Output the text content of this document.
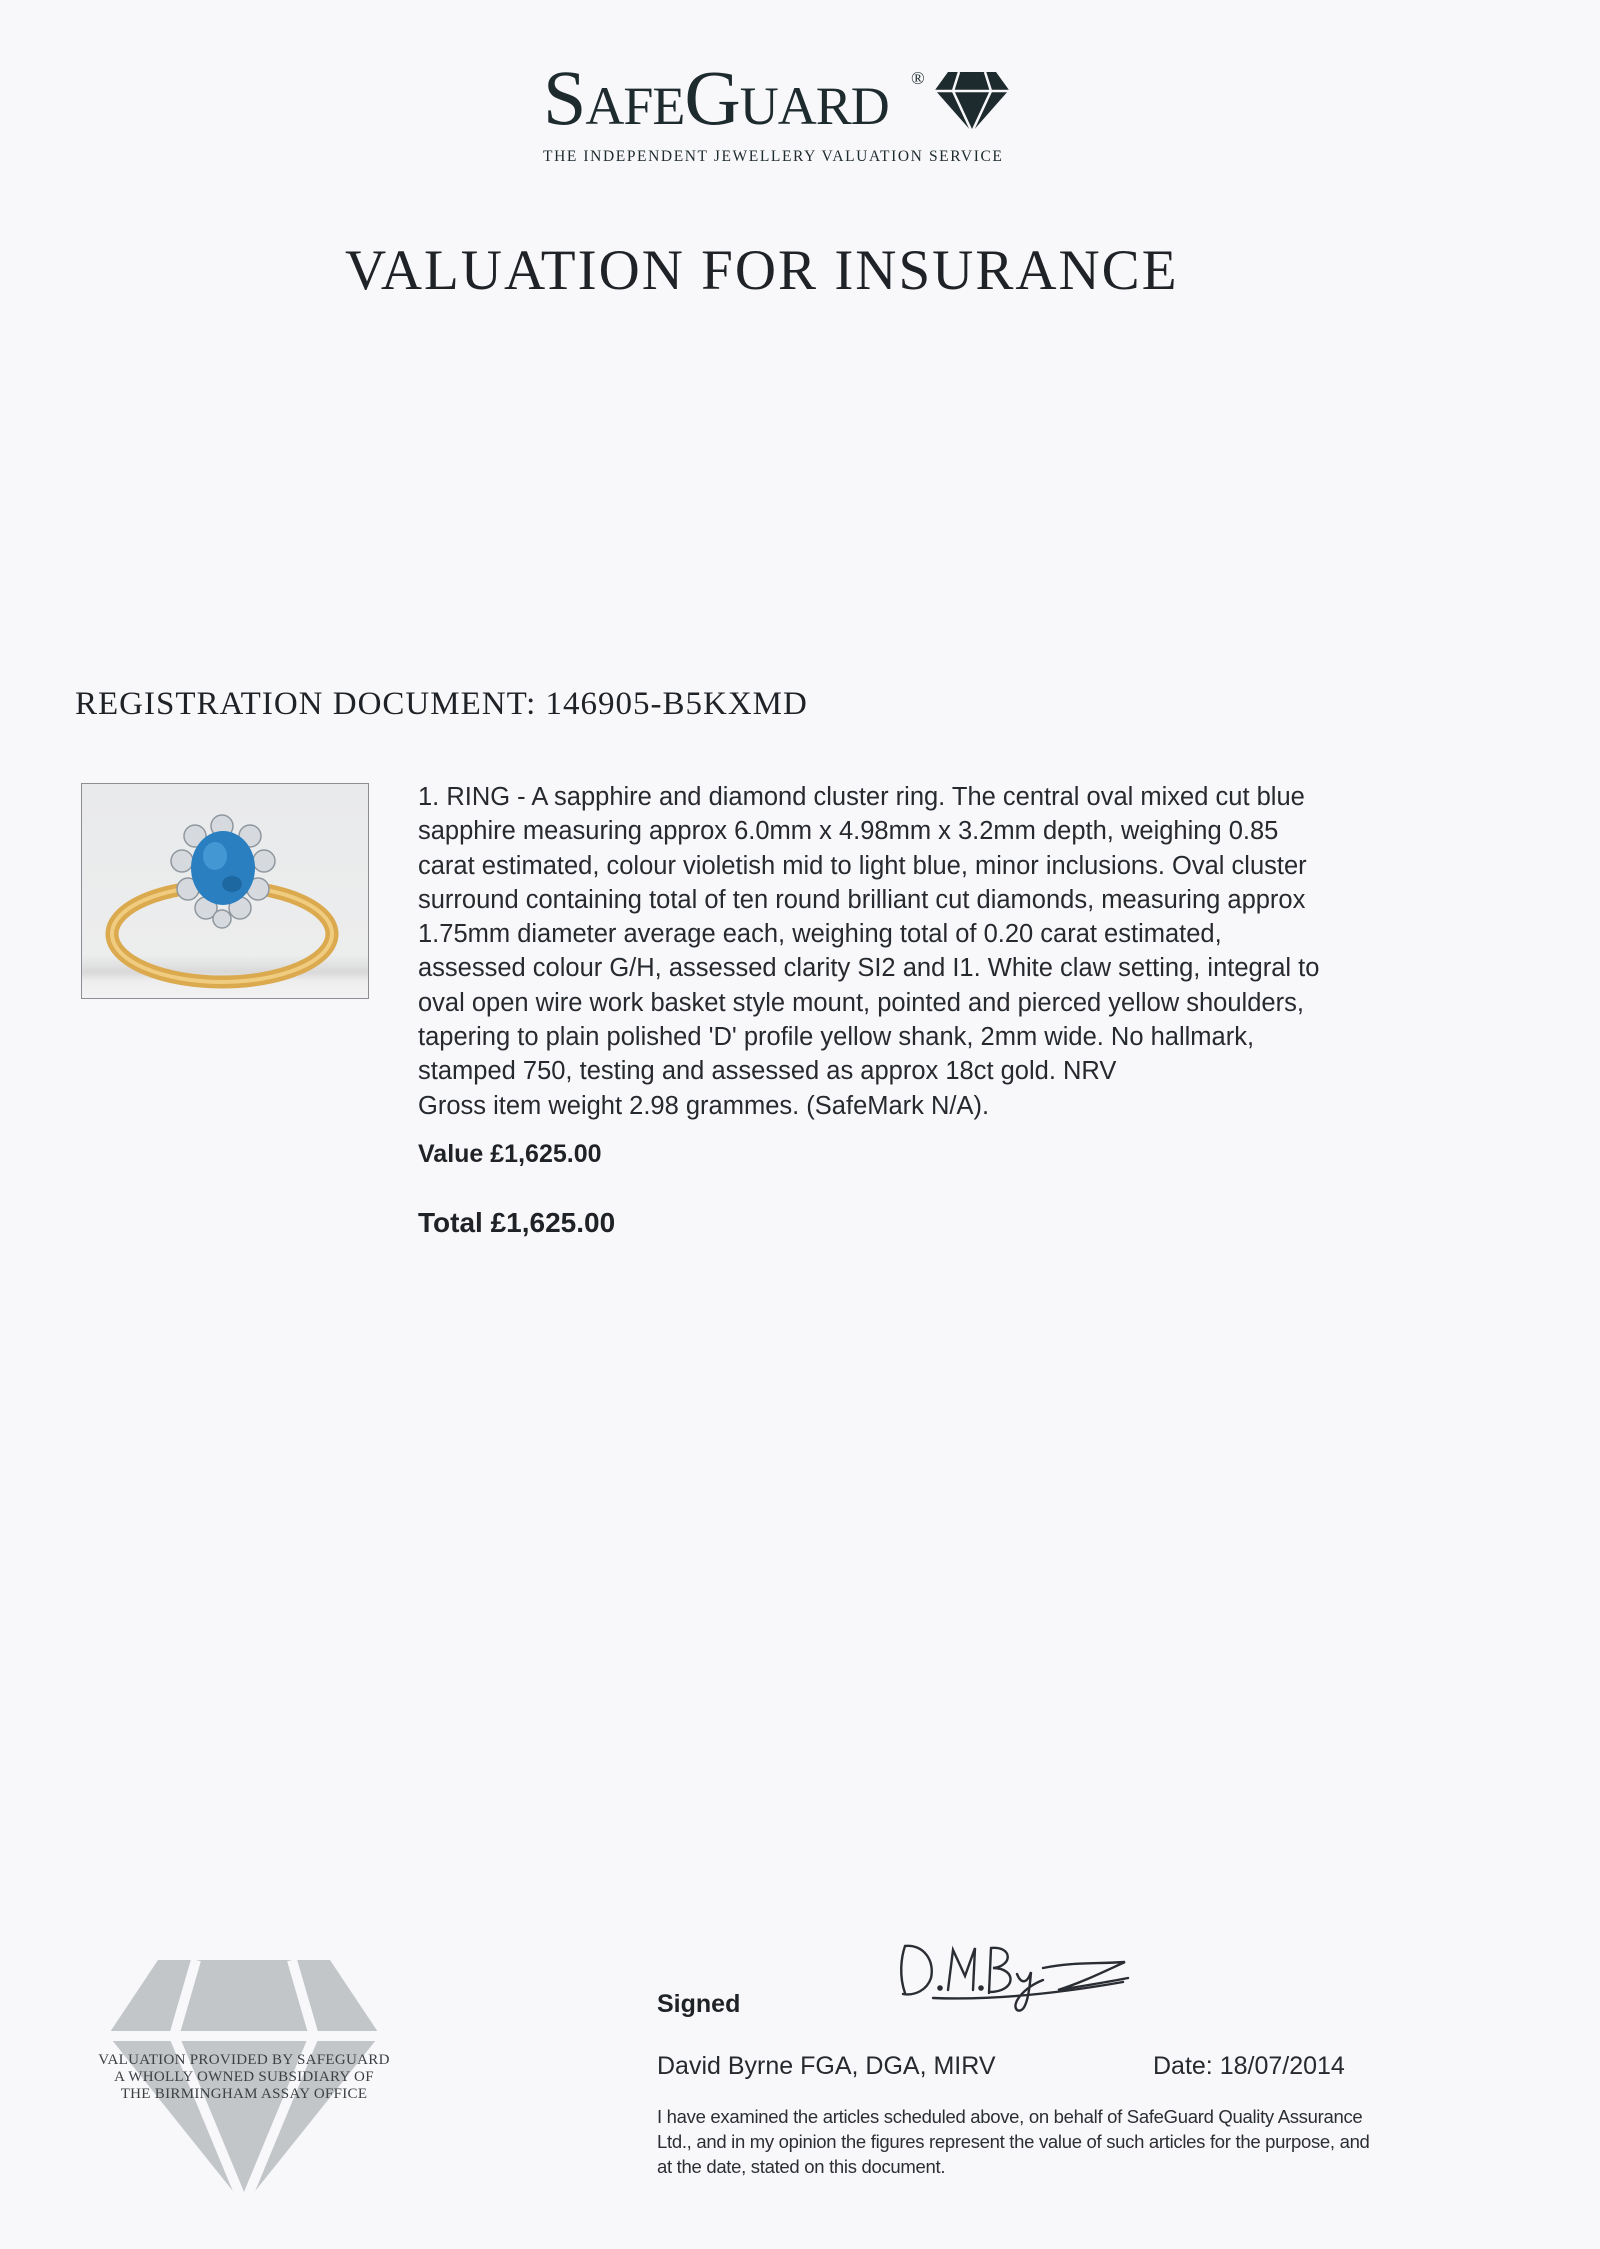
SAFEGUARD ®
THE INDEPENDENT JEWELLERY VALUATION SERVICE
VALUATION FOR INSURANCE
REGISTRATION DOCUMENT: 146905-B5KXMD
1. RING - A sapphire and diamond cluster ring. The central oval mixed cut blue
sapphire measuring approx 6.0mm x 4.98mm x 3.2mm depth, weighing 0.85
carat estimated, colour violetish mid to light blue, minor inclusions. Oval cluster
surround containing total of ten round brilliant cut diamonds, measuring approx
1.75mm diameter average each, weighing total of 0.20 carat estimated,
assessed colour G/H, assessed clarity SI2 and I1. White claw setting, integral to
oval open wire work basket style mount, pointed and pierced yellow shoulders,
tapering to plain polished 'D' profile yellow shank, 2mm wide. No hallmark,
stamped 750, testing and assessed as approx 18ct gold. NRV
Gross item weight 2.98 grammes. (SafeMark N/A).
Value £1,625.00
Total £1,625.00
VALUATION PROVIDED BY SAFEGUARD
A WHOLLY OWNED SUBSIDIARY OF
THE BIRMINGHAM ASSAY OFFICE
Signed
David Byrne FGA, DGA, MIRV	Date: 18/07/2014
I have examined the articles scheduled above, on behalf of SafeGuard Quality Assurance
Ltd., and in my opinion the figures represent the value of such articles for the purpose, and
at the date, stated on this document.
